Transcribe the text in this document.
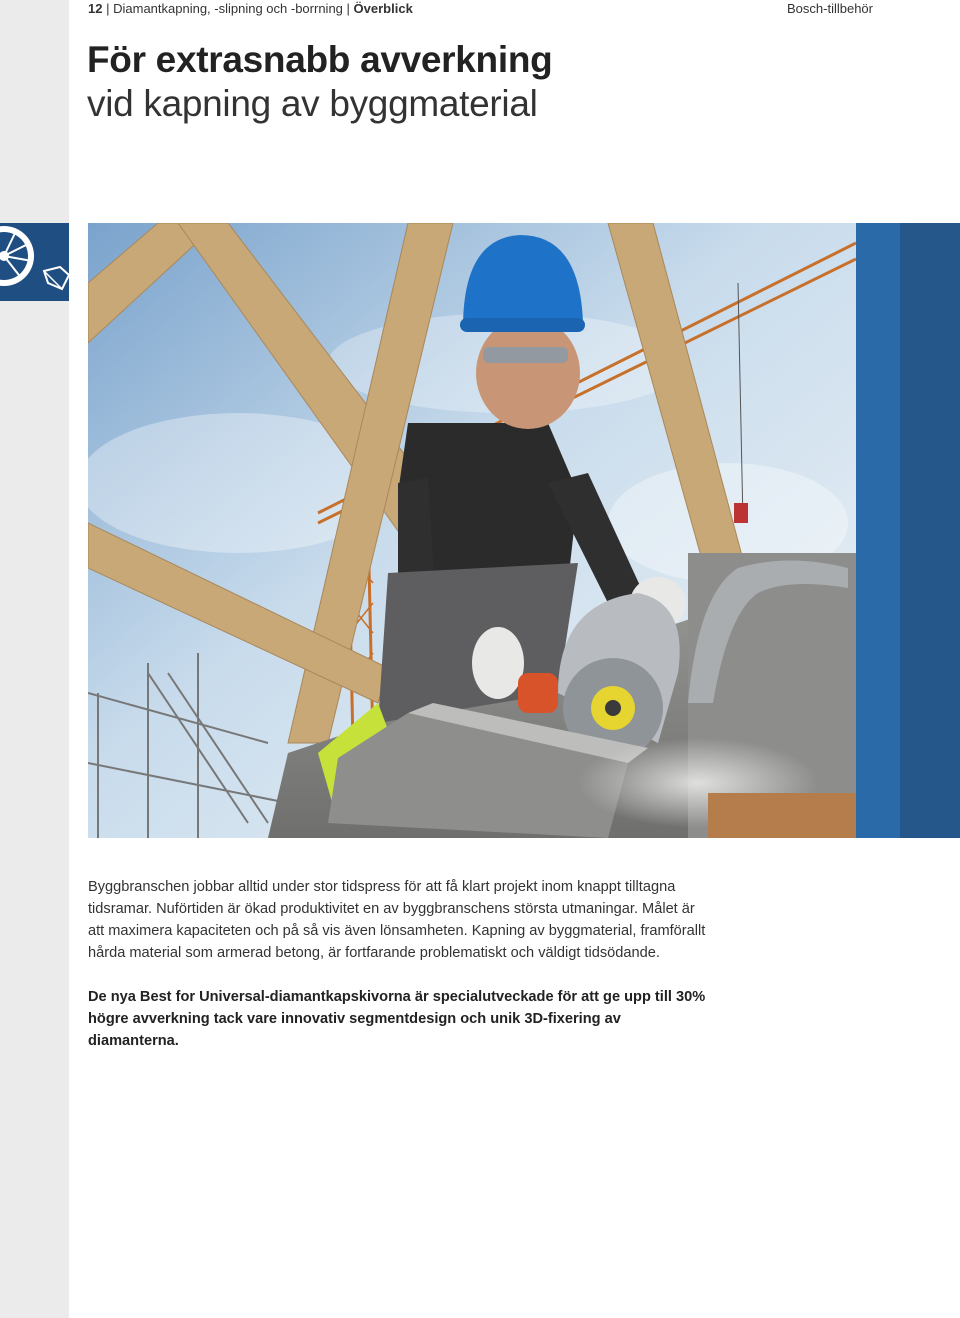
12 | Diamantkapning, -slipning och -borrning | Överblick	Bosch-tillbehör
För extrasnabb avverkning
vid kapning av byggmaterial

Byggbranschen jobbar alltid under stor tidspress för att få klart projekt inom knappt tilltagna tidsramar. Nuförtiden är ökad produktivitet en av byggbranschens största utmaningar. Målet är att maximera kapaciteten och på så vis även lönsamheten. Kapning av byggmaterial, framförallt hårda material som armerad betong, är fortfarande problematiskt och väldigt tidsödande.

De nya Best for Universal-diamantkapskivorna är specialutveckade för att ge upp till 30% högre avverkning tack vare innovativ segmentdesign och unik 3D-fixering av diamanterna.
